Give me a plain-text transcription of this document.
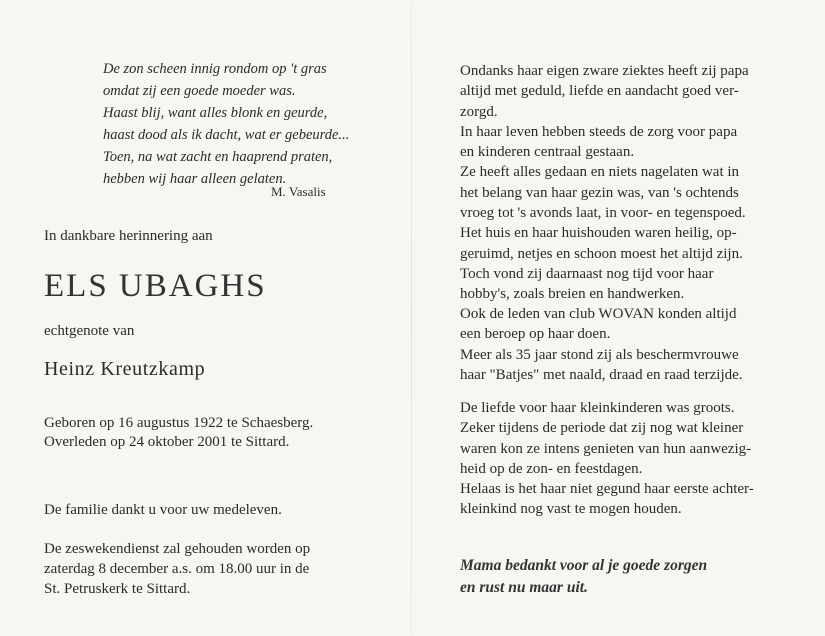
De zon scheen innig rondom op 't gras
omdat zij een goede moeder was.
Haast blij, want alles blonk en geurde,
haast dood als ik dacht, wat er gebeurde...
Toen, na wat zacht en haaprend praten,
hebben wij haar alleen gelaten.
M. Vasalis
In dankbare herinnering aan
ELS UBAGHS
echtgenote van
Heinz Kreutzkamp
Geboren op 16 augustus 1922 te Schaesberg.
Overleden op 24 oktober 2001 te Sittard.
De familie dankt u voor uw medeleven.
De zeswekendienst zal gehouden worden op
zaterdag 8 december a.s. om 18.00 uur in de
St. Petruskerk te Sittard.
Ondanks haar eigen zware ziektes heeft zij papa
altijd met geduld, liefde en aandacht goed ver-
zorgd.
In haar leven hebben steeds de zorg voor papa
en kinderen centraal gestaan.
Ze heeft alles gedaan en niets nagelaten wat in
het belang van haar gezin was, van 's ochtends
vroeg tot 's avonds laat, in voor- en tegenspoed.
Het huis en haar huishouden waren heilig, op-
geruimd, netjes en schoon moest het altijd zijn.
Toch vond zij daarnaast nog tijd voor haar
hobby's, zoals breien en handwerken.
Ook de leden van club WOVAN konden altijd
een beroep op haar doen.
Meer als 35 jaar stond zij als beschermvrouwe
haar "Batjes" met naald, draad en raad terzijde.
De liefde voor haar kleinkinderen was groots.
Zeker tijdens de periode dat zij nog wat kleiner
waren kon ze intens genieten van hun aanwezig-
heid op de zon- en feestdagen.
Helaas is het haar niet gegund haar eerste achter-
kleinkind nog vast te mogen houden.
Mama bedankt voor al je goede zorgen
en rust nu maar uit.
